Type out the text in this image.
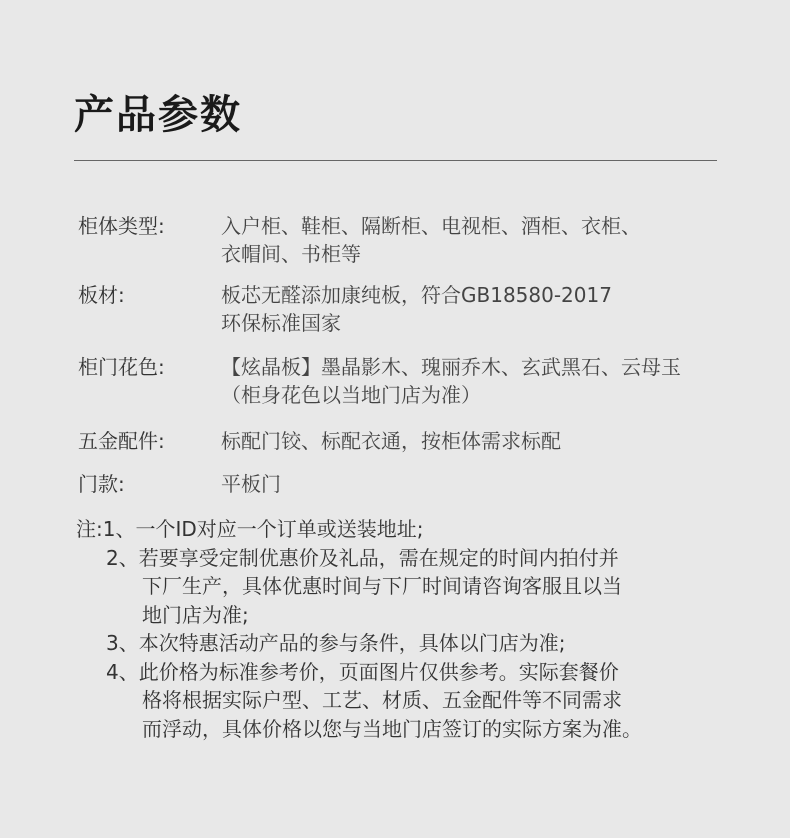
产品参数
柜体类型:	入户柜、鞋柜、隔断柜、电视柜、酒柜、衣柜、
衣帽间、书柜等
板材:	板芯无醛添加康纯板，符合GB18580-2017
环保标准国家
柜门花色:	【炫晶板】墨晶影木、瑰丽乔木、玄武黑石、云母玉
（柜身花色以当地门店为准）
五金配件:	标配门铰、标配衣通，按柜体需求标配
门款:	平板门
注:1、一个ID对应一个订单或送装地址;
2、若要享受定制优惠价及礼品，需在规定的时间内拍付并
下厂生产，具体优惠时间与下厂时间请咨询客服且以当
地门店为准;
3、本次特惠活动产品的参与条件，具体以门店为准;
4、此价格为标准参考价，页面图片仅供参考。实际套餐价
格将根据实际户型、工艺、材质、五金配件等不同需求
而浮动，具体价格以您与当地门店签订的实际方案为准。
